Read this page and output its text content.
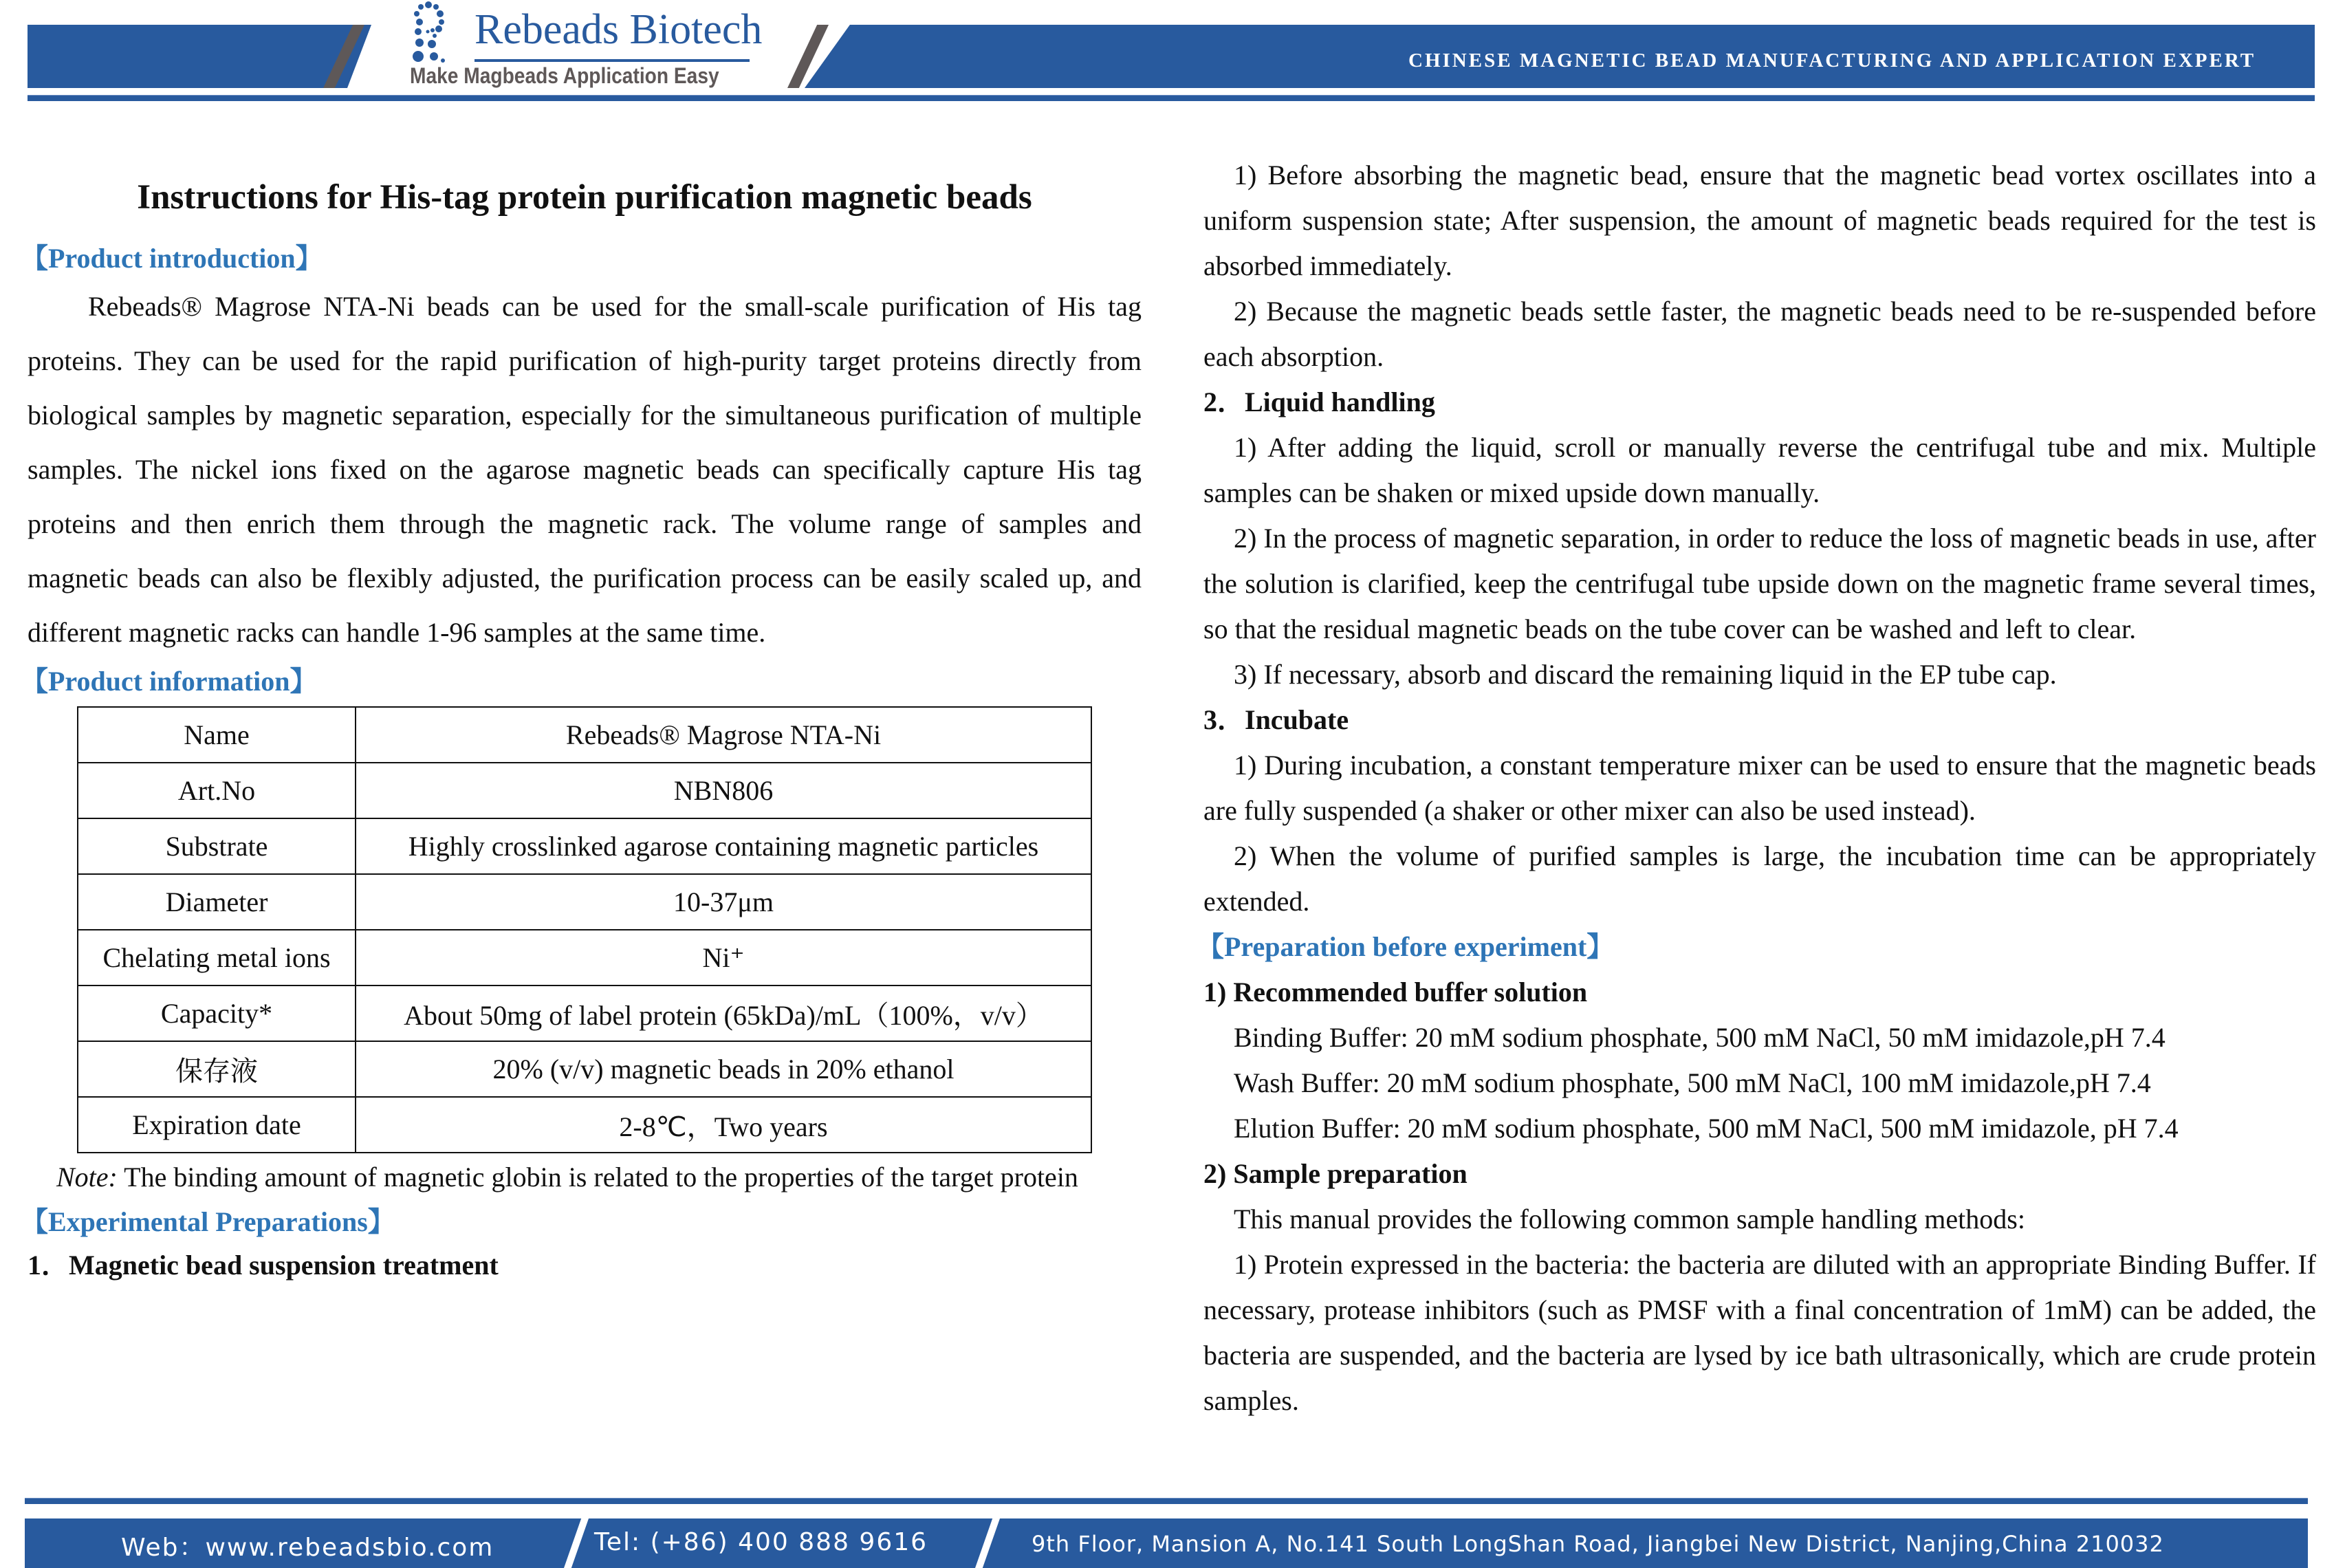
Rebeads Biotech
Make Magbeads Application Easy
CHINESE MAGNETIC BEAD MANUFACTURING AND APPLICATION EXPERT
Instructions for His-tag protein purification magnetic beads
【Product introduction】

Rebeads® Magrose NTA-Ni beads can be used for the small-scale purification of His tag proteins. They can be used for the rapid purification of high-purity target proteins directly from biological samples by magnetic separation, especially for the simultaneous purification of multiple samples. The nickel ions fixed on the agarose magnetic beads can specifically capture His tag proteins and then enrich them through the magnetic rack. The volume range of samples and magnetic beads can also be flexibly adjusted, the purification process can be easily scaled up, and different magnetic racks can handle 1-96 samples at the same time.

【Product information】
Name	Rebeads® Magrose NTA-Ni
Art.No	NBN806
Substrate	Highly crosslinked agarose containing magnetic particles
Diameter	10-37μm
Chelating metal ions	Ni⁺
Capacity*	About 50mg of label protein (65kDa)/mL（100%，v/v）
保存液	20% (v/v) magnetic beads in 20% ethanol
Expiration date	2-8℃，Two years
Note: The binding amount of magnetic globin is related to the properties of the target protein
【Experimental Preparations】
1．Magnetic bead suspension treatment

1) Before absorbing the magnetic bead, ensure that the magnetic bead vortex oscillates into a uniform suspension state; After suspension, the amount of magnetic beads required for the test is absorbed immediately.

2) Because the magnetic beads settle faster, the magnetic beads need to be re-suspended before each absorption.

2．Liquid handling

1) After adding the liquid, scroll or manually reverse the centrifugal tube and mix. Multiple samples can be shaken or mixed upside down manually.

2) In the process of magnetic separation, in order to reduce the loss of magnetic beads in use, after the solution is clarified, keep the centrifugal tube upside down on the magnetic frame several times, so that the residual magnetic beads on the tube cover can be washed and left to clear.

3) If necessary, absorb and discard the remaining liquid in the EP tube cap.

3．Incubate

1) During incubation, a constant temperature mixer can be used to ensure that the magnetic beads are fully suspended (a shaker or other mixer can also be used instead).

2) When the volume of purified samples is large, the incubation time can be appropriately extended.

【Preparation before experiment】
1) Recommended buffer solution

Binding Buffer: 20 mM sodium phosphate, 500 mM NaCl, 50 mM imidazole,pH 7.4

Wash Buffer: 20 mM sodium phosphate, 500 mM NaCl, 100 mM imidazole,pH 7.4

Elution Buffer: 20 mM sodium phosphate, 500 mM NaCl, 500 mM imidazole, pH 7.4

2) Sample preparation

This manual provides the following common sample handling methods:

1) Protein expressed in the bacteria: the bacteria are diluted with an appropriate Binding Buffer. If necessary, protease inhibitors (such as PMSF with a final concentration of 1mM) can be added, the bacteria are suspended, and the bacteria are lysed by ice bath ultrasonically, which are crude protein samples.

Web：www.rebeadsbio.com	Tel: (+86) 400 888 9616	9th Floor, Mansion A, No.141 South LongShan Road, Jiangbei New District, Nanjing,China 210032
